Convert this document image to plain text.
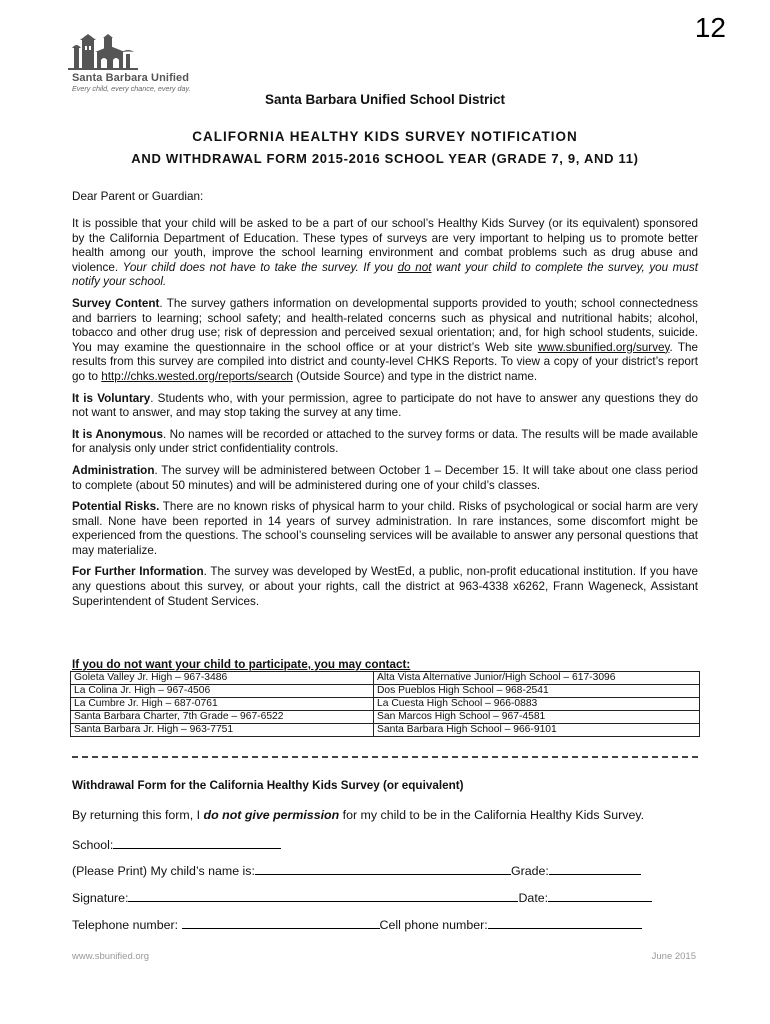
12
Santa Barbara Unified
Every child, every chance, every day.
Santa Barbara Unified School District
CALIFORNIA HEALTHY KIDS SURVEY NOTIFICATION
AND WITHDRAWAL FORM 2015-2016 SCHOOL YEAR (GRADE 7, 9, AND 11)
Dear Parent or Guardian:

It is possible that your child will be asked to be a part of our school’s Healthy Kids Survey (or its equivalent) sponsored by the California Department of Education. These types of surveys are very important to helping us to promote better health among our youth, improve the school learning environment and combat problems such as drug abuse and violence. Your child does not have to take the survey. If you do not want your child to complete the survey, you must notify your school.

Survey Content. The survey gathers information on developmental supports provided to youth; school connectedness and barriers to learning; school safety; and health-related concerns such as physical and nutritional habits; alcohol, tobacco and other drug use; risk of depression and perceived sexual orientation; and, for high school students, suicide. You may examine the questionnaire in the school office or at your district’s Web site www.sbunified.org/survey. The results from this survey are compiled into district and county-level CHKS Reports. To view a copy of your district’s report go to http://chks.wested.org/reports/search (Outside Source) and type in the district name.

It is Voluntary. Students who, with your permission, agree to participate do not have to answer any questions they do not want to answer, and may stop taking the survey at any time.

It is Anonymous. No names will be recorded or attached to the survey forms or data. The results will be made available for analysis only under strict confidentiality controls.

Administration. The survey will be administered between October 1 – December 15. It will take about one class period to complete (about 50 minutes) and will be administered during one of your child’s classes.

Potential Risks. There are no known risks of physical harm to your child. Risks of psychological or social harm are very small. None have been reported in 14 years of survey administration. In rare instances, some discomfort might be experienced from the questions. The school’s counseling services will be available to answer any personal questions that may materialize.

For Further Information. The survey was developed by WestEd, a public, non-profit educational institution. If you have any questions about this survey, or about your rights, call the district at 963-4338 x6262, Frann Wageneck, Assistant Superintendent of Student Services.

If you do not want your child to participate, you may contact:
Goleta Valley Jr. High – 967-3486	Alta Vista Alternative Junior/High School – 617-3096
La Colina Jr. High – 967-4506	Dos Pueblos High School – 968-2541
La Cumbre Jr. High – 687-0761	La Cuesta High School – 966-0883
Santa Barbara Charter, 7th Grade – 967-6522	San Marcos High School – 967-4581
Santa Barbara Jr. High – 963-7751	Santa Barbara High School – 966-9101
Withdrawal Form for the California Healthy Kids Survey (or equivalent)
By returning this form, I do not give permission for my child to be in the California Healthy Kids Survey.
School:
(Please Print) My child’s name is:	Grade:
Signature:	Date:
Telephone number:	Cell phone number:
www.sbunified.org	June 2015
